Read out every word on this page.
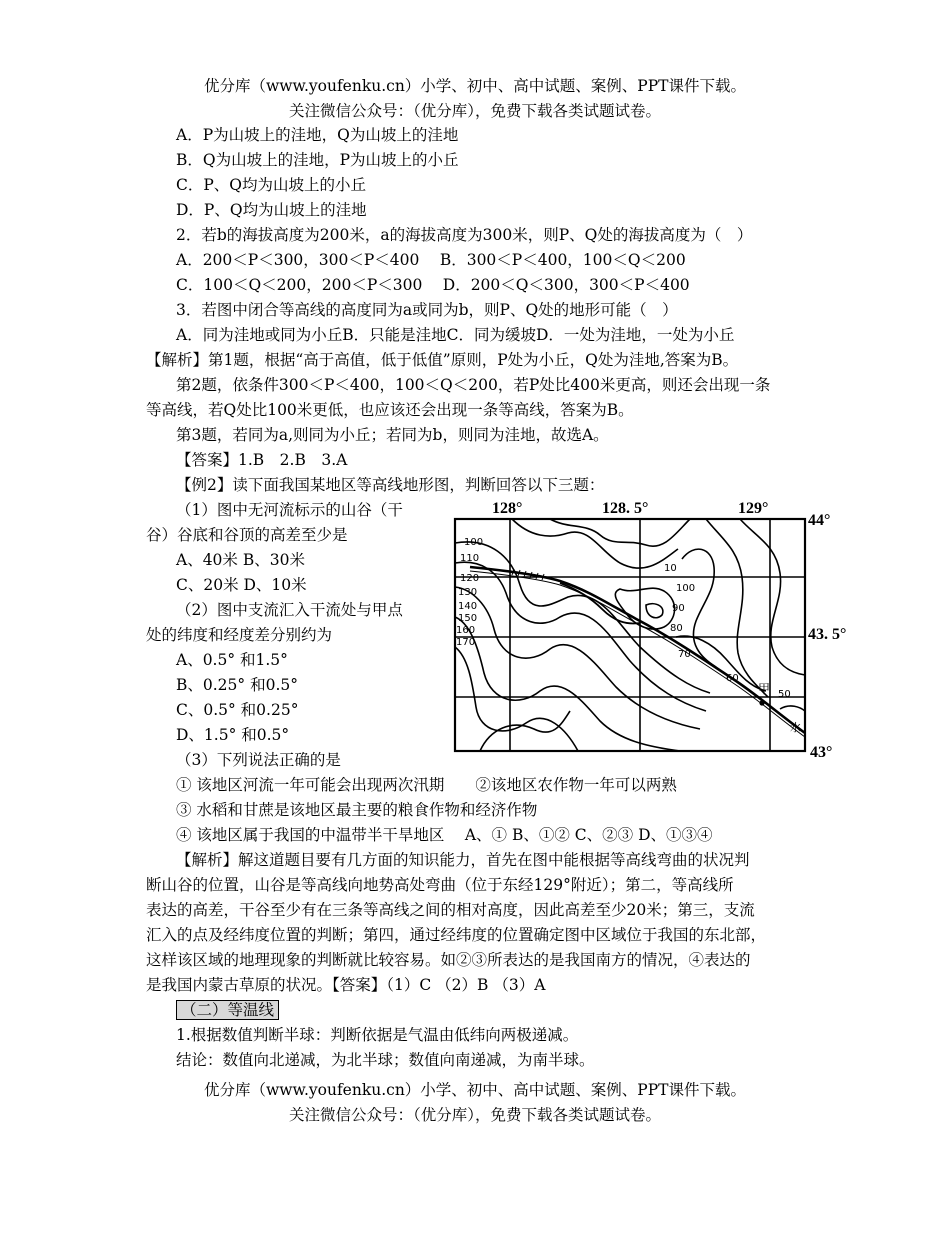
优分库（www.youfenku.cn）小学、初中、高中试题、案例、PPT课件下载。
关注微信公众号：（优分库），免费下载各类试题试卷。
A．P为山坡上的洼地，Q为山坡上的洼地
B．Q为山坡上的洼地，P为山坡上的小丘
C．P、Q均为山坡上的小丘
D．P、Q均为山坡上的洼地
2．若b的海拔高度为200米，a的海拔高度为300米，则P、Q处的海拔高度为（　）
A．200＜P＜300，300＜P＜400　 B．300＜P＜400，100＜Q＜200
C．100＜Q＜200，200＜P＜300　 D．200＜Q＜300，300＜P＜400
3．若图中闭合等高线的高度同为a或同为b，则P、Q处的地形可能（　）
A．同为洼地或同为小丘B．只能是洼地C．同为缓坡D．一处为洼地，一处为小丘
【解析】第1题，根据“高于高值，低于低值”原则，P处为小丘，Q处为洼地,答案为B。
第2题，依条件300＜P＜400，100＜Q＜200，若P处比400米更高，则还会出现一条
等高线，若Q处比100米更低，也应该还会出现一条等高线，答案为B。
第3题，若同为a,则同为小丘；若同为b，则同为洼地，故选A。
【答案】1.B　2.B　3.A
【例2】读下面我国某地区等高线地形图，判断回答以下三题：
（1）图中无河流标示的山谷（干
谷）谷底和谷顶的高差至少是
A、40米 B、30米
C、20米 D、10米
（2）图中支流汇入干流处与甲点
处的纬度和经度差分别约为
A、0.5° 和1.5°
B、0.25° 和0.5°
C、0.5° 和0.25°
D、1.5° 和0.5°
（3）下列说法正确的是
① 该地区河流一年可能会出现两次汛期　　②该地区农作物一年可以两熟
③ 水稻和甘蔗是该地区最主要的粮食作物和经济作物
④ 该地区属于我国的中温带半干旱地区　 A、① B、①② C、②③ D、①③④
128°	128. 5°	129°
44°
43. 5°
43°
100
110
120
130
140
150
160
170
10
100
90
80
70
60
50
甲
水
【解析】解这道题目要有几方面的知识能力，首先在图中能根据等高线弯曲的状况判
断山谷的位置，山谷是等高线向地势高处弯曲（位于东经129°附近）；第二，等高线所
表达的高差，干谷至少有在三条等高线之间的相对高度，因此高差至少20米；第三，支流
汇入的点及经纬度位置的判断；第四，通过经纬度的位置确定图中区域位于我国的东北部，
这样该区域的地理现象的判断就比较容易。如②③所表达的是我国南方的情况，④表达的
是我国内蒙古草原的状况。【答案】（1）C （2）B （3）A
（二）等温线
1.根据数值判断半球：判断依据是气温由低纬向两极递减。
结论：数值向北递减，为北半球；数值向南递减，为南半球。
优分库（www.youfenku.cn）小学、初中、高中试题、案例、PPT课件下载。
关注微信公众号：（优分库），免费下载各类试题试卷。
